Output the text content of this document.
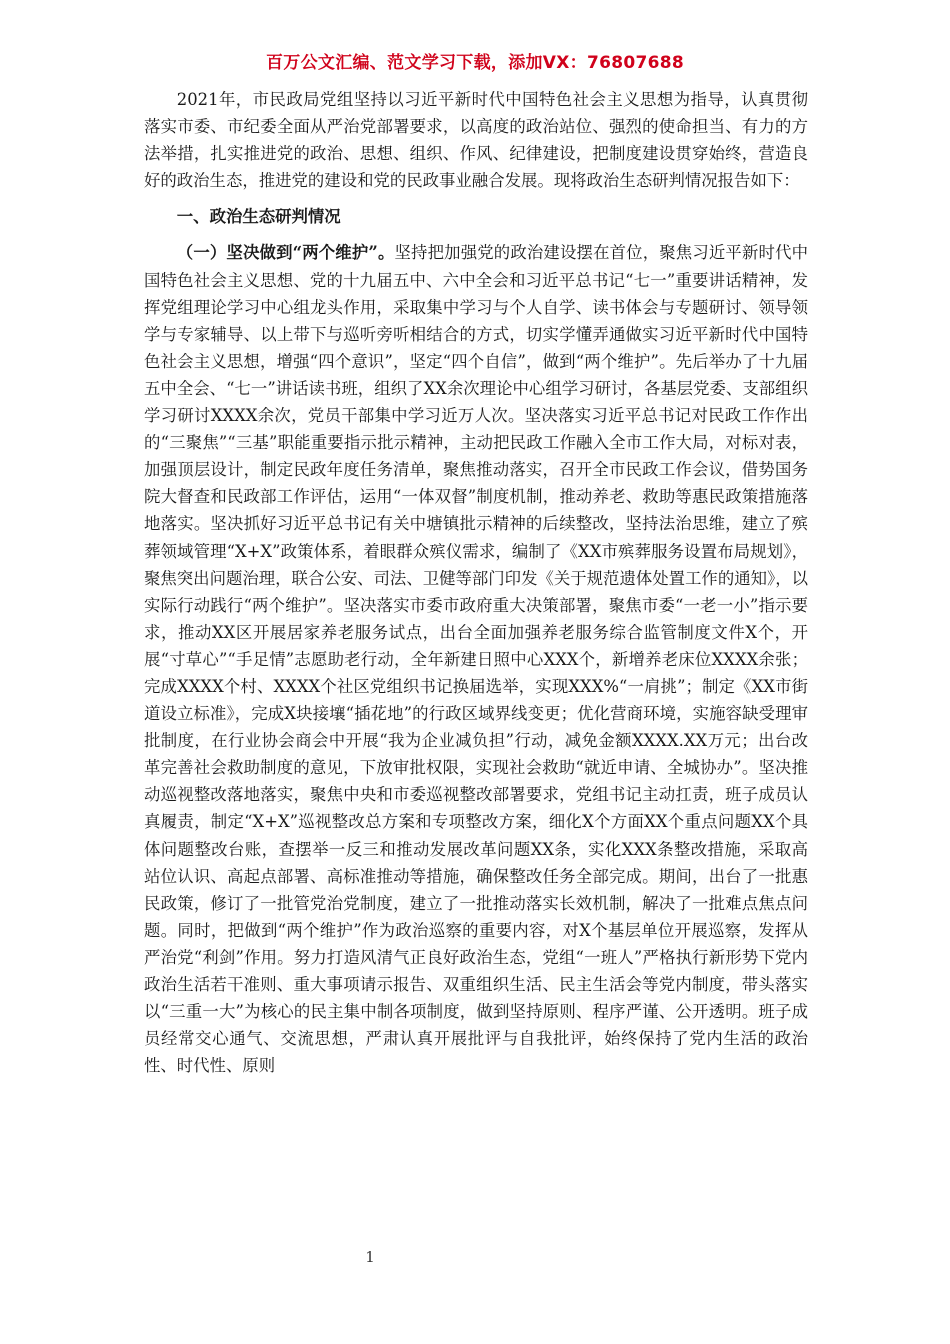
百万公文汇编、范文学习下载，添加VX：76807688

2021年，市民政局党组坚持以习近平新时代中国特色社会主义思想为指导，认真贯彻落实市委、市纪委全面从严治党部署要求，以高度的政治站位、强烈的使命担当、有力的方法举措，扎实推进党的政治、思想、组织、作风、纪律建设，把制度建设贯穿始终，营造良好的政治生态，推进党的建设和党的民政事业融合发展。现将政治生态研判情况报告如下：

一、政治生态研判情况

（一）坚决做到“两个维护”。坚持把加强党的政治建设摆在首位，聚焦习近平新时代中国特色社会主义思想、党的十九届五中、六中全会和习近平总书记“七一”重要讲话精神，发挥党组理论学习中心组龙头作用，采取集中学习与个人自学、读书体会与专题研讨、领导领学与专家辅导、以上带下与巡听旁听相结合的方式，切实学懂弄通做实习近平新时代中国特色社会主义思想，增强“四个意识”，坚定“四个自信”，做到“两个维护”。先后举办了十九届五中全会、“七一”讲话读书班，组织了XX余次理论中心组学习研讨，各基层党委、支部组织学习研讨XXXX余次，党员干部集中学习近万人次。坚决落实习近平总书记对民政工作作出的“三聚焦”“三基”职能重要指示批示精神，主动把民政工作融入全市工作大局，对标对表，加强顶层设计，制定民政年度任务清单，聚焦推动落实，召开全市民政工作会议，借势国务院大督查和民政部工作评估，运用“一体双督”制度机制，推动养老、救助等惠民政策措施落地落实。坚决抓好习近平总书记有关中塘镇批示精神的后续整改，坚持法治思维，建立了殡葬领域管理“X+X”政策体系，着眼群众殡仪需求，编制了《XX市殡葬服务设置布局规划》，聚焦突出问题治理，联合公安、司法、卫健等部门印发《关于规范遗体处置工作的通知》，以实际行动践行“两个维护”。坚决落实市委市政府重大决策部署，聚焦市委“一老一小”指示要求，推动XX区开展居家养老服务试点，出台全面加强养老服务综合监管制度文件X个，开展“寸草心”“手足情”志愿助老行动，全年新建日照中心XXX个，新增养老床位XXXX余张；完成XXXX个村、XXXX个社区党组织书记换届选举，实现XXX%“一肩挑”；制定《XX市街道设立标准》，完成X块接壤“插花地”的行政区域界线变更；优化营商环境，实施容缺受理审批制度，在行业协会商会中开展“我为企业减负担”行动，减免金额XXXX.XX万元；出台改革完善社会救助制度的意见，下放审批权限，实现社会救助“就近申请、全城协办”。坚决推动巡视整改落地落实，聚焦中央和市委巡视整改部署要求，党组书记主动扛责，班子成员认真履责，制定“X+X”巡视整改总方案和专项整改方案，细化X个方面XX个重点问题XX个具体问题整改台账，查摆举一反三和推动发展改革问题XX条，实化XXX条整改措施，采取高站位认识、高起点部署、高标准推动等措施，确保整改任务全部完成。期间，出台了一批惠民政策，修订了一批管党治党制度，建立了一批推动落实长效机制，解决了一批难点焦点问题。同时，把做到“两个维护”作为政治巡察的重要内容，对X个基层单位开展巡察，发挥从严治党“利剑”作用。努力打造风清气正良好政治生态，党组“一班人”严格执行新形势下党内政治生活若干准则、重大事项请示报告、双重组织生活、民主生活会等党内制度，带头落实以“三重一大”为核心的民主集中制各项制度，做到坚持原则、程序严谨、公开透明。班子成员经常交心通气、交流思想，严肃认真开展批评与自我批评，始终保持了党内生活的政治性、时代性、原则

1
